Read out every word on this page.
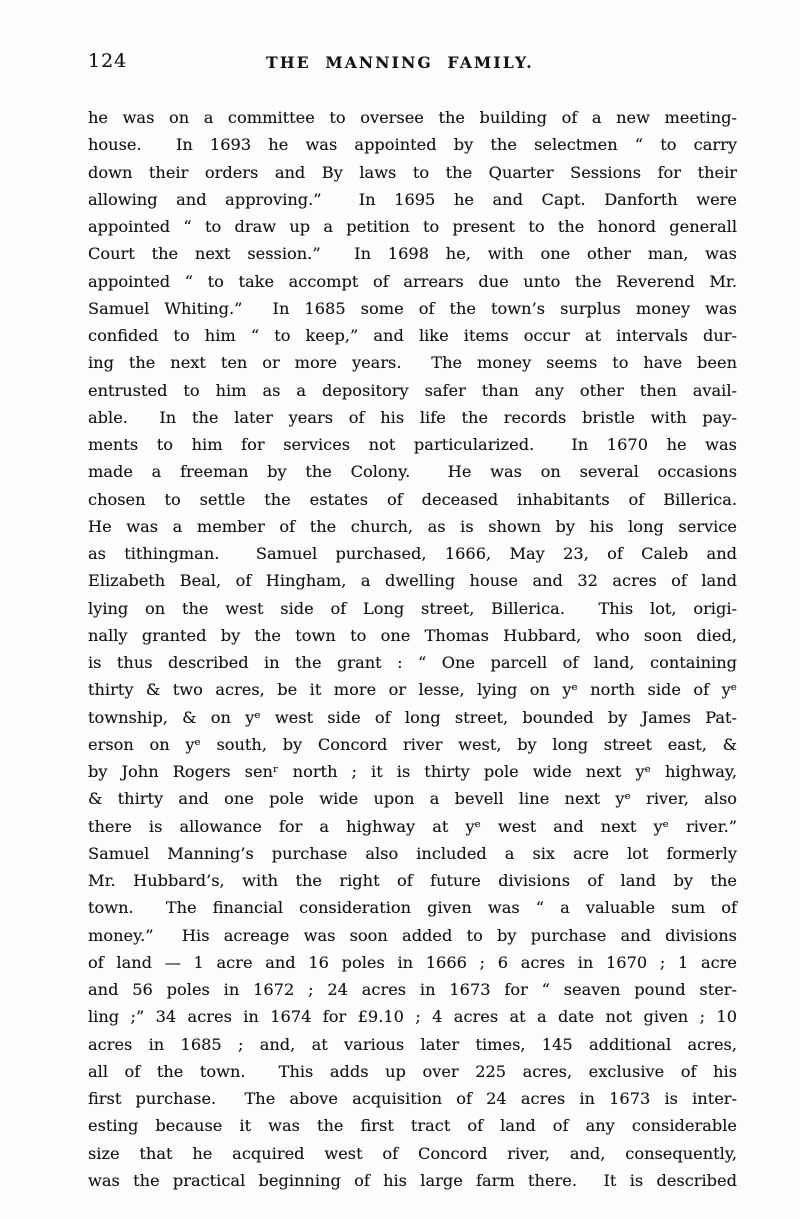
124	THE MANNING FAMILY.
he was on a committee to oversee the building of a new meeting-
house.  In 1693 he was appointed by the selectmen “ to carry
down their orders and By laws to the Quarter Sessions for their
allowing and approving.”  In 1695 he and Capt. Danforth were
appointed “ to draw up a petition to present to the honord generall
Court the next session.”  In 1698 he, with one other man, was
appointed “ to take accompt of arrears due unto the Reverend Mr.
Samuel Whiting.”  In 1685 some of the town’s surplus money was
confided to him “ to keep,” and like items occur at intervals dur-
ing the next ten or more years.  The money seems to have been
entrusted to him as a depository safer than any other then avail-
able.  In the later years of his life the records bristle with pay-
ments to him for services not particularized.  In 1670 he was
made a freeman by the Colony.  He was on several occasions
chosen to settle the estates of deceased inhabitants of Billerica.
He was a member of the church, as is shown by his long service
as tithingman.  Samuel purchased, 1666, May 23, of Caleb and
Elizabeth Beal, of Hingham, a dwelling house and 32 acres of land
lying on the west side of Long street, Billerica.  This lot, origi-
nally granted by the town to one Thomas Hubbard, who soon died,
is thus described in the grant : “ One parcell of land, containing
thirty & two acres, be it more or lesse, lying on yᵉ north side of yᵉ
township, & on yᵉ west side of long street, bounded by James Pat-
erson on yᵉ south, by Concord river west, by long street east, &
by John Rogers senʳ north ; it is thirty pole wide next yᵉ highway,
& thirty and one pole wide upon a bevell line next yᵉ river, also
there is allowance for a highway at yᵉ west and next yᵉ river.”
Samuel Manning’s purchase also included a six acre lot formerly
Mr. Hubbard’s, with the right of future divisions of land by the
town.  The financial consideration given was “ a valuable sum of
money.”  His acreage was soon added to by purchase and divisions
of land — 1 acre and 16 poles in 1666 ; 6 acres in 1670 ; 1 acre
and 56 poles in 1672 ; 24 acres in 1673 for “ seaven pound ster-
ling ;” 34 acres in 1674 for £9.10 ; 4 acres at a date not given ; 10
acres in 1685 ; and, at various later times, 145 additional acres,
all of the town.  This adds up over 225 acres, exclusive of his
first purchase.  The above acquisition of 24 acres in 1673 is inter-
esting because it was the first tract of land of any considerable
size that he acquired west of Concord river, and, consequently,
was the practical beginning of his large farm there.  It is described
